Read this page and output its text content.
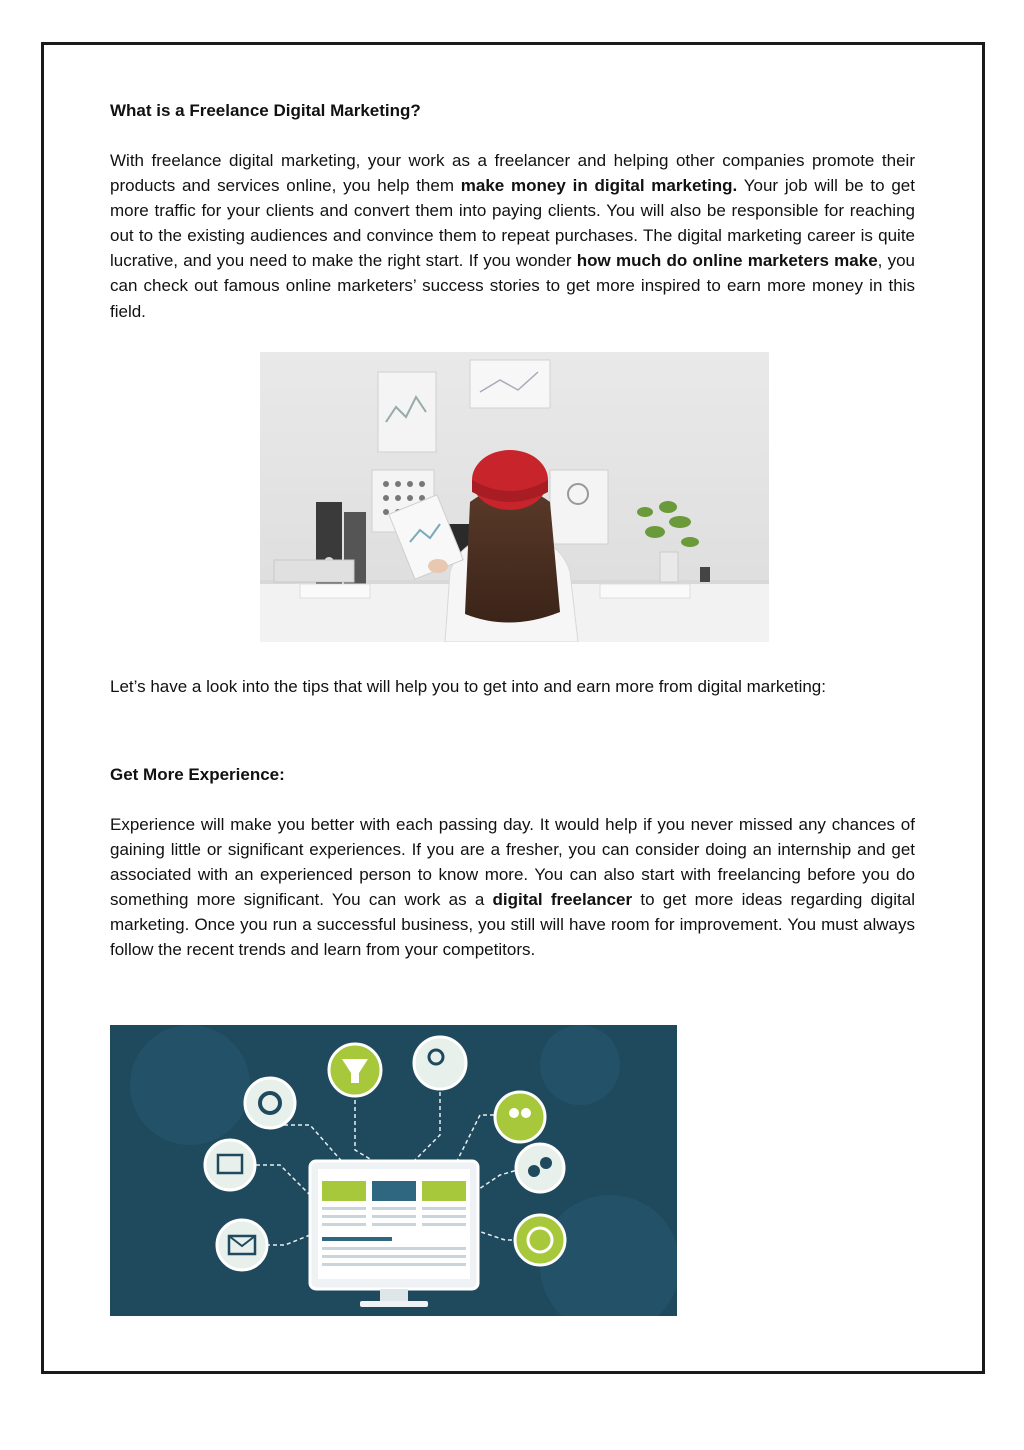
What is a Freelance Digital Marketing?

With freelance digital marketing, your work as a freelancer and helping other companies promote their products and services online, you help them make money in digital marketing. Your job will be to get more traffic for your clients and convert them into paying clients. You will also be responsible for reaching out to the existing audiences and convince them to repeat purchases. The digital marketing career is quite lucrative, and you need to make the right start. If you wonder how much do online marketers make, you can check out famous online marketers’ success stories to get more inspired to earn more money in this field.

Let’s have a look into the tips that will help you to get into and earn more from digital marketing:

Get More Experience:

Experience will make you better with each passing day. It would help if you never missed any chances of gaining little or significant experiences. If you are a fresher, you can consider doing an internship and get associated with an experienced person to know more. You can also start with freelancing before you do something more significant. You can work as a digital freelancer to get more ideas regarding digital marketing. Once you run a successful business, you still will have room for improvement. You must always follow the recent trends and learn from your competitors.
